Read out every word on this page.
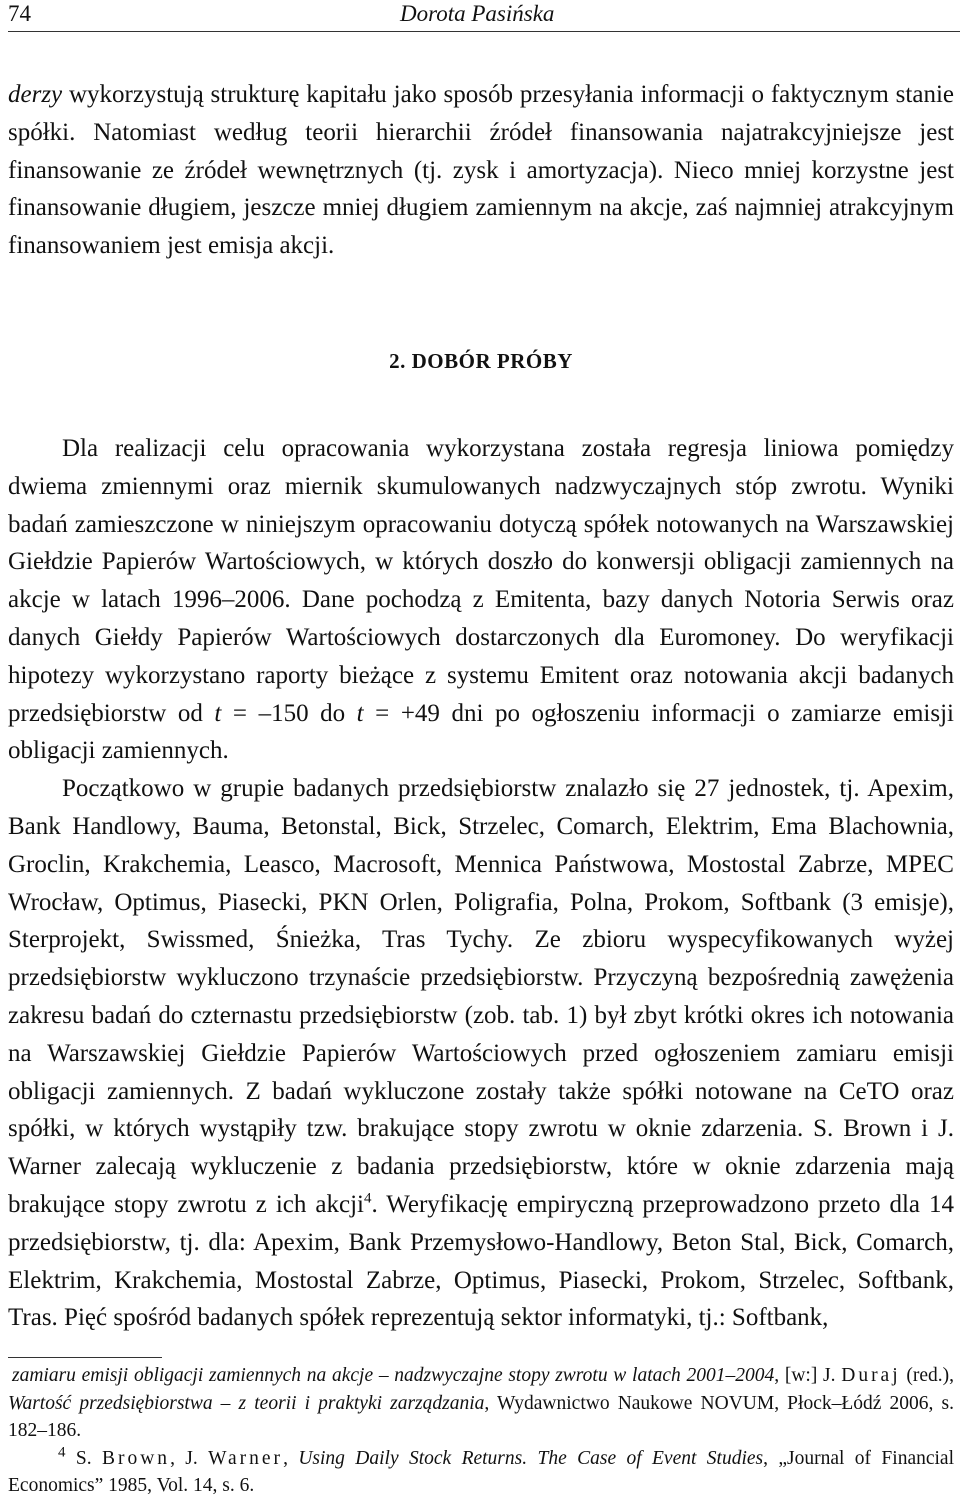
74	Dorota Pasińska

derzy wykorzystują strukturę kapitału jako sposób przesyłania informacji o faktycznym stanie spółki. Natomiast według teorii hierarchii źródeł finansowania najatrakcyjniejsze jest finansowanie ze źródeł wewnętrznych (tj. zysk i amortyzacja). Nieco mniej korzystne jest finansowanie długiem, jeszcze mniej długiem zamiennym na akcje, zaś najmniej atrakcyjnym finansowaniem jest emisja akcji.

2. DOBÓR PRÓBY

Dla realizacji celu opracowania wykorzystana została regresja liniowa pomiędzy dwiema zmiennymi oraz miernik skumulowanych nadzwyczajnych stóp zwrotu. Wyniki badań zamieszczone w niniejszym opracowaniu dotyczą spółek notowanych na Warszawskiej Giełdzie Papierów Wartościowych, w których doszło do konwersji obligacji zamiennych na akcje w latach 1996–2006. Dane pochodzą z Emitenta, bazy danych Notoria Serwis oraz danych Giełdy Papierów Wartościowych dostarczonych dla Euromoney. Do weryfikacji hipotezy wykorzystano raporty bieżące z systemu Emitent oraz notowania akcji badanych przedsiębiorstw od t = –150 do t = +49 dni po ogłoszeniu informacji o zamiarze emisji obligacji zamiennych.

Początkowo w grupie badanych przedsiębiorstw znalazło się 27 jednostek, tj. Apexim, Bank Handlowy, Bauma, Betonstal, Bick, Strzelec, Comarch, Elektrim, Ema Blachownia, Groclin, Krakchemia, Leasco, Macrosoft, Mennica Państwowa, Mostostal Zabrze, MPEC Wrocław, Optimus, Piasecki, PKN Orlen, Poligrafia, Polna, Prokom, Softbank (3 emisje), Sterprojekt, Swissmed, Śnieżka, Tras Tychy. Ze zbioru wyspecyfikowanych wyżej przedsiębiorstw wykluczono trzynaście przedsiębiorstw. Przyczyną bezpośrednią zawężenia zakresu badań do czternastu przedsiębiorstw (zob. tab. 1) był zbyt krótki okres ich notowania na Warszawskiej Giełdzie Papierów Wartościowych przed ogłoszeniem zamiaru emisji obligacji zamiennych. Z badań wykluczone zostały także spółki notowane na CeTO oraz spółki, w których wystąpiły tzw. brakujące stopy zwrotu w oknie zdarzenia. S. Brown i J. Warner zalecają wykluczenie z badania przedsiębiorstw, które w oknie zdarzenia mają brakujące stopy zwrotu z ich akcji$^4$. Weryfikację empiryczną przeprowadzono przeto dla 14 przedsiębiorstw, tj. dla: Apexim, Bank Przemysłowo-Handlowy, Beton Stal, Bick, Comarch, Elektrim, Krakchemia, Mostostal Zabrze, Optimus, Piasecki, Prokom, Strzelec, Softbank, Tras. Pięć spośród badanych spółek reprezentują sektor informatyki, tj.: Softbank,

zamiaru emisji obligacji zamiennych na akcje – nadzwyczajne stopy zwrotu w latach 2001–2004, [w:] J. Duraj (red.), Wartość przedsiębiorstwa – z teorii i praktyki zarządzania, Wydawnictwo Naukowe NOVUM, Płock–Łódź 2006, s. 182–186.

$^4$ S. Brown, J. Warner, Using Daily Stock Returns. The Case of Event Studies, „Journal of Financial Economics” 1985, Vol. 14, s. 6.
